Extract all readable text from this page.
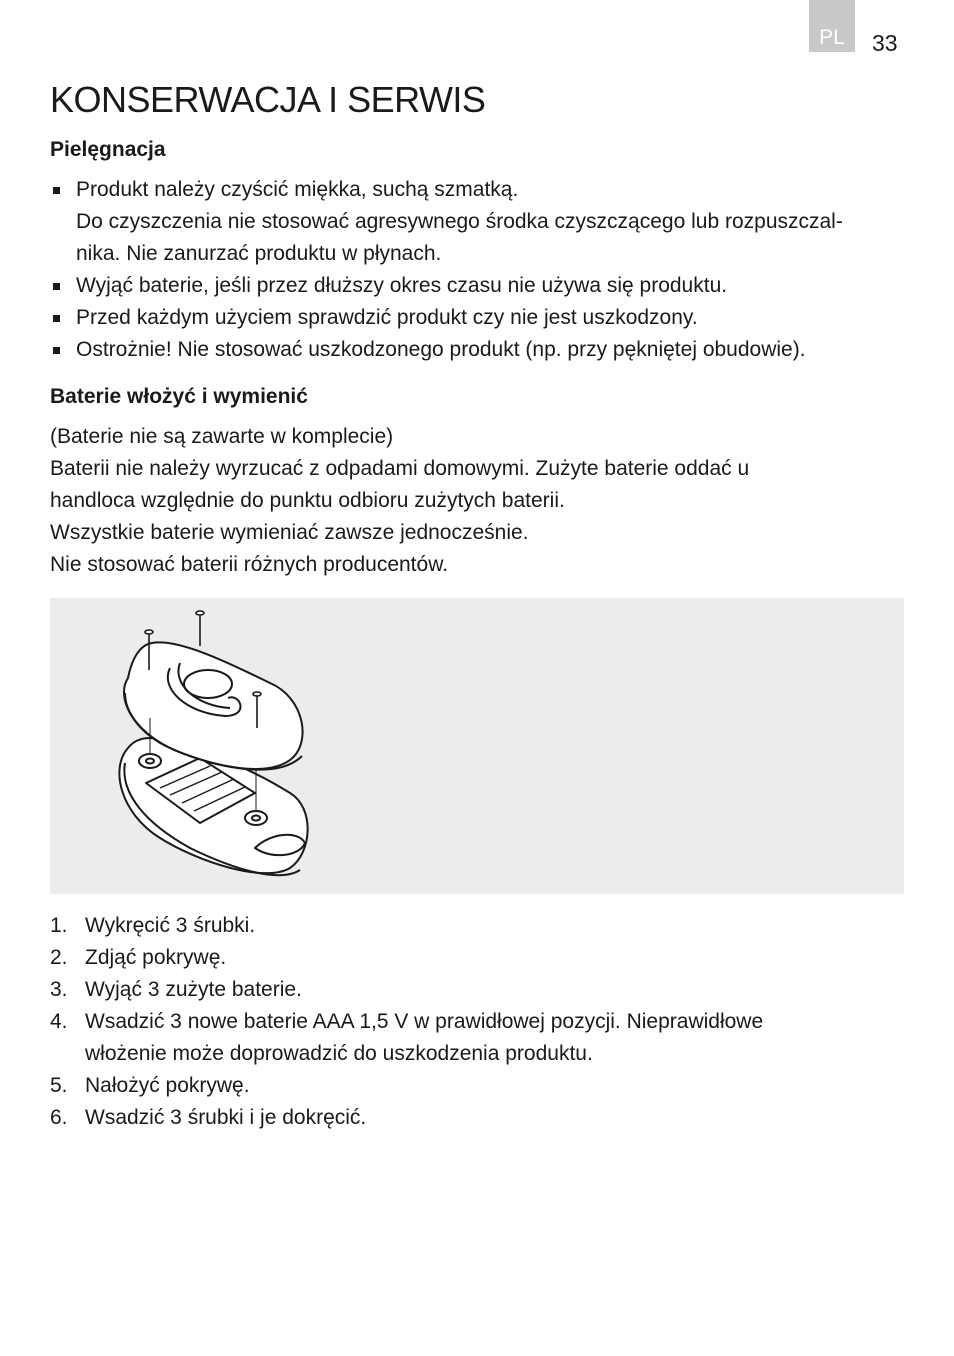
PL 33
KONSERWACJA I SERWIS
Pielęgnacja
Produkt należy czyścić miękka, suchą szmatką.
Do czyszczenia nie stosować agresywnego środka czyszczącego lub rozpuszczal-
nika. Nie zanurzać produktu w płynach.
Wyjąć baterie, jeśli przez dłuższy okres czasu nie używa się produktu.
Przed każdym użyciem sprawdzić produkt czy nie jest uszkodzony.
Ostrożnie! Nie stosować uszkodzonego produkt (np. przy pękniętej obudowie).
Baterie włożyć i wymienić
(Baterie nie są zawarte w komplecie)
Baterii nie należy wyrzucać z odpadami domowymi. Zużyte baterie oddać u
handloca względnie do punktu odbioru zużytych baterii.
Wszystkie baterie wymieniać zawsze jednocześnie.
Nie stosować baterii różnych producentów.
1. Wykręcić 3 śrubki.
2. Zdjąć pokrywę.
3. Wyjąć 3 zużyte baterie.
4. Wsadzić 3 nowe baterie AAA 1,5 V w prawidłowej pozycji. Nieprawidłowe
włożenie może doprowadzić do uszkodzenia produktu.
5. Nałożyć pokrywę.
6. Wsadzić 3 śrubki i je dokręcić.
